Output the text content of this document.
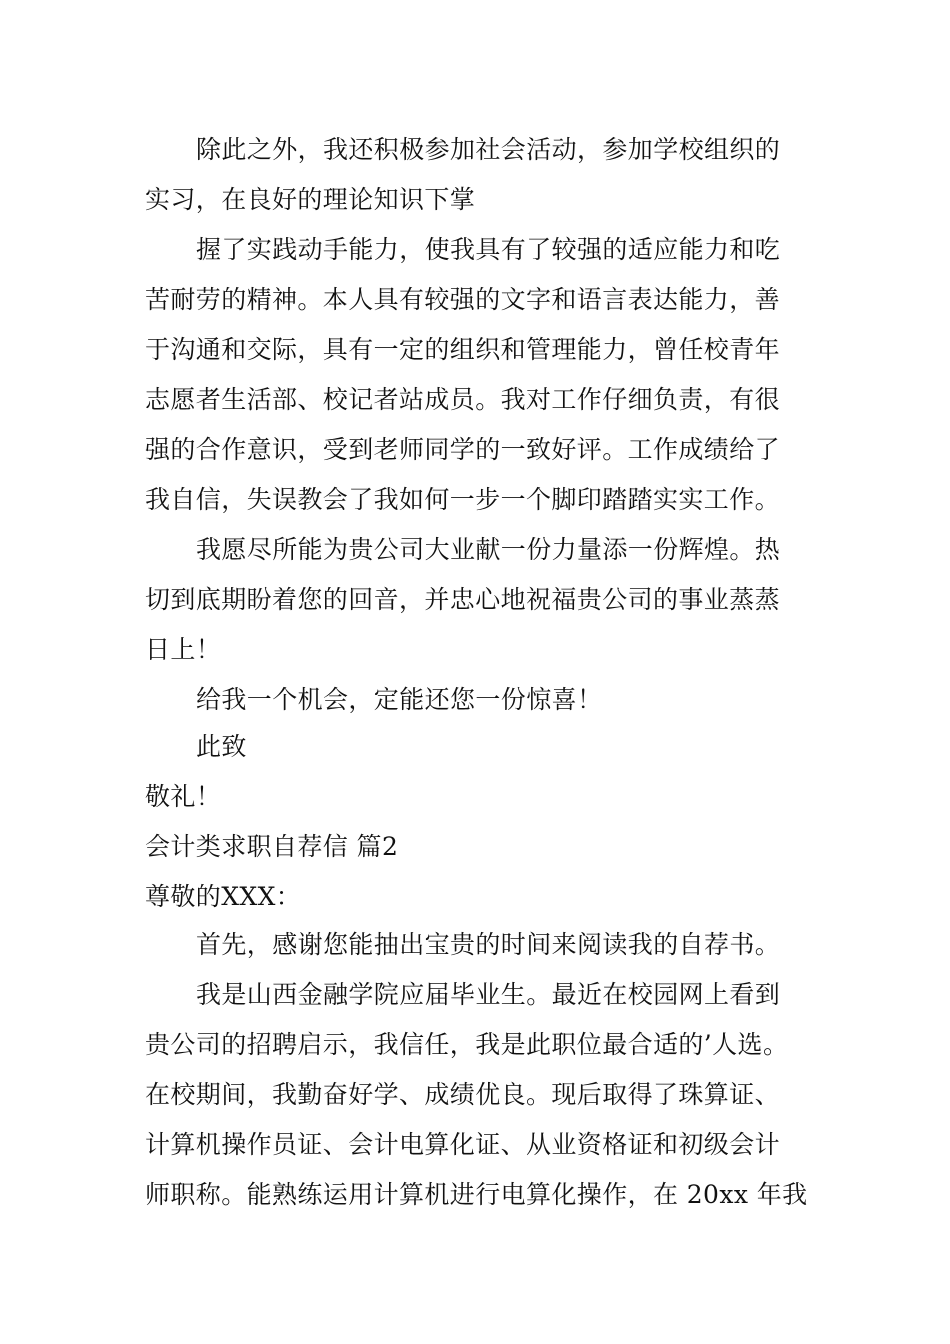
除此之外，我还积极参加社会活动，参加学校组织的
实习，在良好的理论知识下掌
握了实践动手能力，使我具有了较强的适应能力和吃
苦耐劳的精神。本人具有较强的文字和语言表达能力，善
于沟通和交际，具有一定的组织和管理能力，曾任校青年
志愿者生活部、校记者站成员。我对工作仔细负责，有很
强的合作意识，受到老师同学的一致好评。工作成绩给了
我自信，失误教会了我如何一步一个脚印踏踏实实工作。
我愿尽所能为贵公司大业献一份力量添一份辉煌。热
切到底期盼着您的回音，并忠心地祝福贵公司的事业蒸蒸
日上！
给我一个机会，定能还您一份惊喜！
此致
敬礼！
会计类求职自荐信 篇2
尊敬的XXX：
首先，感谢您能抽出宝贵的时间来阅读我的自荐书。
我是山西金融学院应届毕业生。最近在校园网上看到
贵公司的招聘启示，我信任，我是此职位最合适的’人选。
在校期间，我勤奋好学、成绩优良。现后取得了珠算证、
计算机操作员证、会计电算化证、从业资格证和初级会计
师职称。能熟练运用计算机进行电算化操作，在 20xx 年我
